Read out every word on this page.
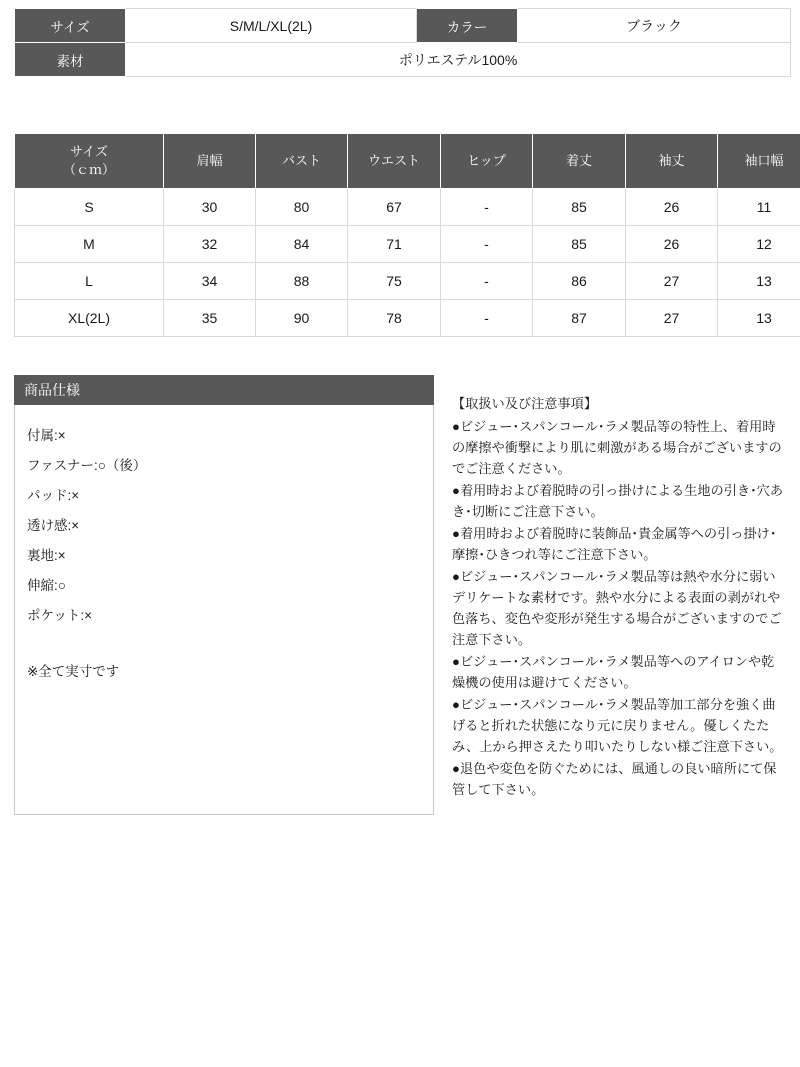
サイズ	S/M/L/XL(2L)	カラー	ブラック
素材	ポリエステル100%		
サイズ
（ｃｍ）	肩幅	バスト	ウエスト	ヒップ	着丈	袖丈	袖口幅
S	30	80	67	-	85	26	11
M	32	84	71	-	85	26	12
L	34	88	75	-	86	27	13
XL(2L)	35	90	78	-	87	27	13
商品仕様
付属:×
ファスナー:○（後）
パッド:×
透け感:×
裏地:×
伸縮:○
ポケット:×
※全て実寸です
【取扱い及び注意事項】

●ビジュー･スパンコール･ラメ製品等の特性上、着用時の摩擦や衝撃により肌に刺激がある場合がございますのでご注意ください。

●着用時および着脱時の引っ掛けによる生地の引き･穴あき･切断にご注意下さい。

●着用時および着脱時に装飾品･貴金属等への引っ掛け･摩擦･ひきつれ等にご注意下さい。

●ビジュー･スパンコール･ラメ製品等は熱や水分に弱いデリケートな素材です。熱や水分による表面の剥がれや色落ち、変色や変形が発生する場合がございますのでご注意下さい。

●ビジュー･スパンコール･ラメ製品等へのアイロンや乾燥機の使用は避けてください。

●ビジュー･スパンコール･ラメ製品等加工部分を強く曲げると折れた状態になり元に戻りません。優しくたたみ、上から押さえたり叩いたりしない様ご注意下さい。

●退色や変色を防ぐためには、風通しの良い暗所にて保管して下さい。
